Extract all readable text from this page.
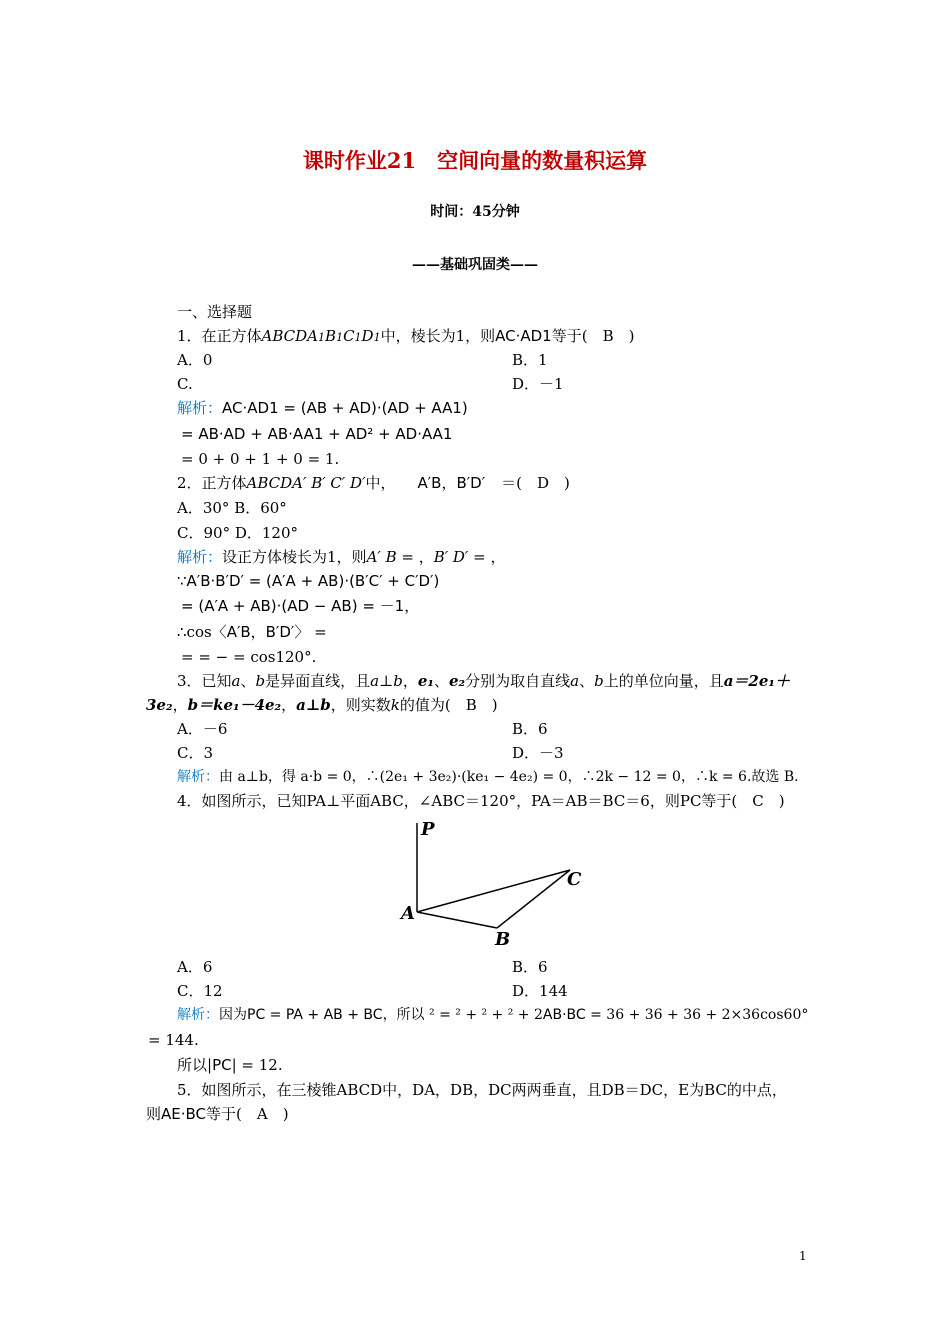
课时作业21　空间向量的数量积运算
时间：45分钟
——基础巩固类——
一、选择题
1．在正方体ABCDA1B1C1D1中，棱长为1，则AC·AD1等于(　B　)
A．0	B．1
C.	D．－1
解析：AC·AD1 = (AB + AD)·(AD + AA1)
= AB·AD + AB·AA1 + AD² + AD·AA1
= 0 + 0 + 1 + 0 = 1.
2．正方体ABCDA′ B′ C′ D′中， A′B，B′D′ ＝(　D　)
A．30° B．60°
C．90° D．120°
解析：设正方体棱长为1，则A′ B = ，B′ D′ = ，
∵A′B·B′D′ = (A′A + AB)·(B′C′ + C′D′)
= (A′A + AB)·(AD − AB) = －1，
∴cos〈A′B，B′D′〉 =
= = − = cos120°.
3．已知a、b是异面直线，且a⊥b，e₁、e₂分别为取自直线a、b上的单位向量，且a＝2e₁＋
3e₂，b＝ke₁－4e₂，a⊥b，则实数k的值为(　B　)
A．－6	B．6
C．3	D．－3
解析：由 a⊥b，得 a·b = 0，∴(2e₁ + 3e₂)·(ke₁ − 4e₂) = 0，∴2k − 12 = 0，∴k = 6.故选 B.
4．如图所示，已知PA⊥平面ABC，∠ABC＝120°，PA＝AB＝BC＝6，则PC等于(　C　)
P
A
B
C
A．6	B．6
C．12	D．144
解析：因为PC = PA + AB + BC，所以 ² = ² + ² + ² + 2AB·BC = 36 + 36 + 36 + 2×36cos60°
= 144.
所以|PC| = 12.
5．如图所示，在三棱锥ABCD中，DA，DB，DC两两垂直，且DB＝DC，E为BC的中点，
则AE·BC等于(　A　)
1
